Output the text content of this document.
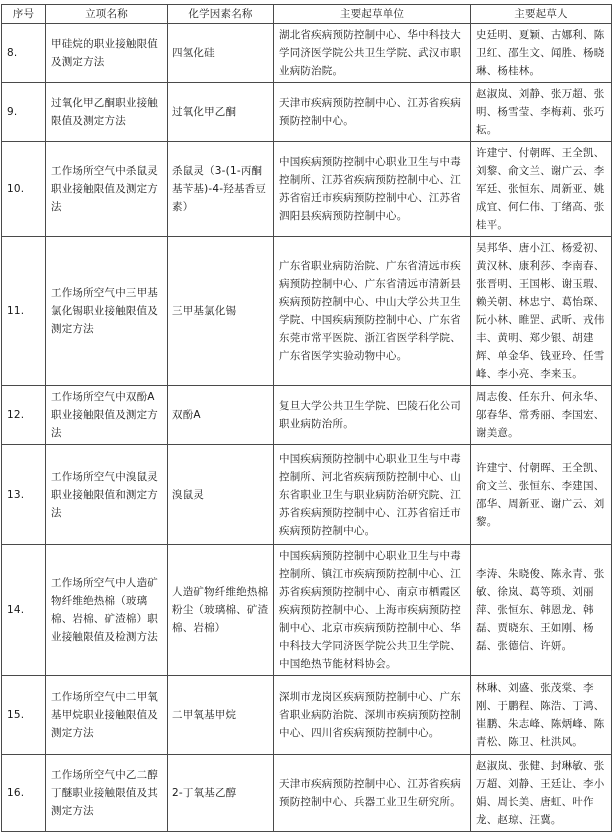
序号	立项名称	化学因素名称	主要起草单位	主要起草人
8.	甲硅烷的职业接触限值及测定方法	四氢化硅	湖北省疾病预防控制中心、华中科技大学同济医学院公共卫生学院、武汉市职业病防治院。	史廷明、夏颖、古娜利、陈卫红、邵生文、闻胜、杨晓琳、杨桂林。
9.	过氧化甲乙酮职业接触限值及测定方法	过氧化甲乙酮	天津市疾病预防控制中心、江苏省疾病预防控制中心。	赵淑岚、刘静、张万超、张明、杨雪莹、李梅莉、张巧耘。
10.	工作场所空气中杀鼠灵职业接触限值及测定方法	杀鼠灵（3-(1-丙酮基苄基)-4-羟基香豆素）	中国疾病预防控制中心职业卫生与中毒控制所、江苏省疾病预防控制中心、江苏省宿迁市疾病预防控制中心、江苏省泗阳县疾病预防控制中心。	许建宁、付朝晖、王全凯、刘黎、俞文兰、谢广云、李军廷、张恒东、周新亚、姚成宜、何仁伟、丁绪高、张桂平。
11.	工作场所空气中三甲基氯化锡职业接触限值及测定方法	三甲基氯化锡	广东省职业病防治院、广东省清远市疾病预防控制中心、广东省清远市清新县疾病预防控制中心、中山大学公共卫生学院、中国疾病预防控制中心、广东省东莞市常平医院、浙江省医学科学院、广东省医学实验动物中心。	吴邦华、唐小江、杨爱初、黄汉林、康利莎、李南春、张晋明、王国彬、谢玉瑕、赖关朝、林忠宁、葛怡琛、阮小林、睢罡、武昕、戎伟丰、黄明、郑少银、胡建辉、单金华、钱亚玲、任雪峰、李小亮、李来玉。
12.	工作场所空气中双酚A职业接触限值及测定方法	双酚A	复旦大学公共卫生学院、巴陵石化公司职业病防治所。	周志俊、任东升、何永华、邬春华、常秀丽、李国宏、谢美意。
13.	工作场所空气中溴鼠灵职业接触限值和测定方法	溴鼠灵	中国疾病预防控制中心职业卫生与中毒控制所、河北省疾病预防控制中心、山东省职业卫生与职业病防治研究院、江苏省疾病预防控制中心、江苏省宿迁市疾病预防控制中心。	许建宁、付朝晖、王全凯、俞文兰、张恒东、李建国、邵华、周新亚、谢广云、刘黎。
14.	工作场所空气中人造矿物纤维绝热棉（玻璃棉、岩棉、矿渣棉）职业接触限值及检测方法	人造矿物纤维绝热棉粉尘（玻璃棉、矿渣棉、岩棉）	中国疾病预防控制中心职业卫生与中毒控制所、镇江市疾病预防控制中心、江苏省疾病预防控制中心、南京市栖霞区疾病预防控制中心、上海市疾病预防控制中心、北京市疾病预防控制中心、华中科技大学同济医学院公共卫生学院、中国绝热节能材料协会。	李涛、朱晓俊、陈永青、张敏、徐岚、葛等琐、刘丽萍、张恒东、韩恩龙、韩磊、贾晓东、王如刚、杨磊、张德信、许妍。
15.	工作场所空气中二甲氧基甲烷职业接触限值及测定方法	二甲氧基甲烷	深圳市龙岗区疾病预防控制中心、广东省职业病防治院、深圳市疾病预防控制中心、四川省疾病预防控制中心。	林琳、刘盛、张茂棠、李刚、于鹏程、陈浩、丁鸿、崔鹏、朱志峰、陈炳峰、陈青松、陈卫、杜洪风。
16.	工作场所空气中乙二醇丁醚职业接触限值及其测定方法	2-丁氧基乙醇	天津市疾病预防控制中心、江苏省疾病预防控制中心、兵器工业卫生研究所。	赵淑岚、张健、封琳敏、张万超、刘静、王廷让、李小娟、周长美、唐虹、叶作龙、赵琼、汪冀。
